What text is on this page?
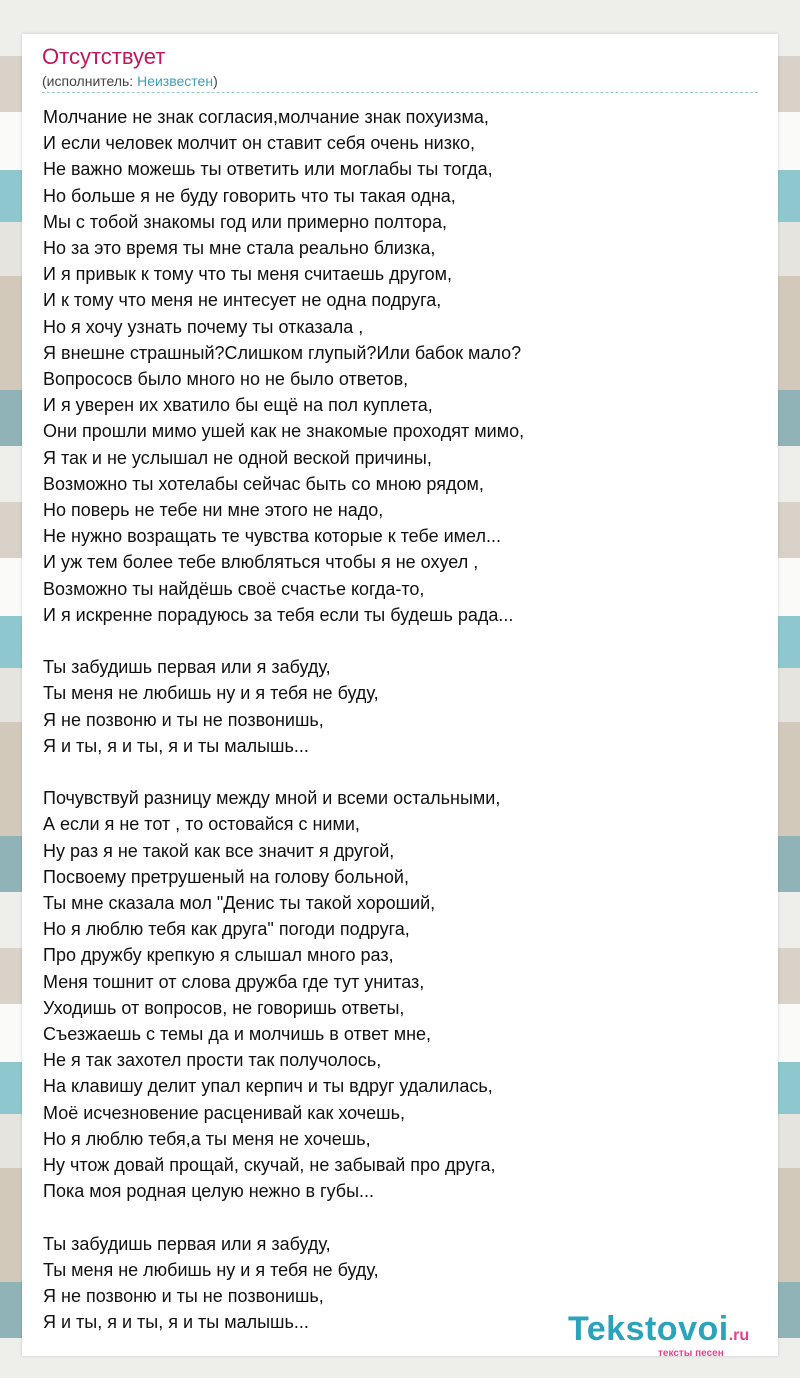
Отсутствует
(исполнитель: Неизвестен)
Молчание не знак согласия,молчание знак похуизма,
И если человек молчит он ставит себя очень низко,
Не важно можешь ты ответить или моглабы ты тогда,
Но больше я не буду говорить что ты такая одна,
Мы с тобой знакомы год или примерно полтора,
Но за это время ты мне стала реально близка,
И я привык к тому что ты меня считаешь другом,
И к тому что меня не интесует не одна подруга,
Но я хочу узнать почему ты отказала ,
Я внешне страшный?Слишком глупый?Или бабок мало?
Вопрососв было много но не было ответов,
И я уверен их хватило бы ещё на пол куплета,
Они прошли мимо ушей как не знакомые проходят мимо,
Я так и не услышал не одной веской причины,
Возможно ты хотелабы сейчас быть со мною рядом,
Но поверь не тебе ни мне этого не надо,
Не нужно возращать те чувства которые к тебе имел...
И уж тем более тебе влюбляться чтобы я не охуел ,
Возможно ты найдёшь своё счастье когда-то,
И я искренне порадуюсь за тебя если ты будешь рада...
Ты забудишь первая или я забуду,
Ты меня не любишь ну и я тебя не буду,
Я не позвоню и ты не позвонишь,
Я и ты, я и ты, я и ты малышь...
Почувствуй разницу между мной и всеми остальными,
А если я не тот , то остовайся с ними,
Ну раз я не такой как все значит я другой,
Посвоему претрушеный на голову больной,
Ты мне сказала мол "Денис ты такой хороший,
Но я люблю тебя как друга" погоди подруга,
Про дружбу крепкую я слышал много раз,
Меня тошнит от слова дружба где тут унитаз,
Уходишь от вопросов, не говоришь ответы,
Съезжаешь с темы да и молчишь в ответ мне,
Не я так захотел прости так получолось,
На клавишу делит упал керпич и ты вдруг удалилась,
Моё исчезновение расценивай как хочешь,
Но я люблю тебя,а ты меня не хочешь,
Ну чтож довай прощай, скучай, не забывай про друга,
Пока моя родная целую нежно в губы...
Ты забудишь первая или я забуду,
Ты меня не любишь ну и я тебя не буду,
Я не позвоню и ты не позвонишь,
Я и ты, я и ты, я и ты малышь...	Tekstovoi.ru
тексты песен
